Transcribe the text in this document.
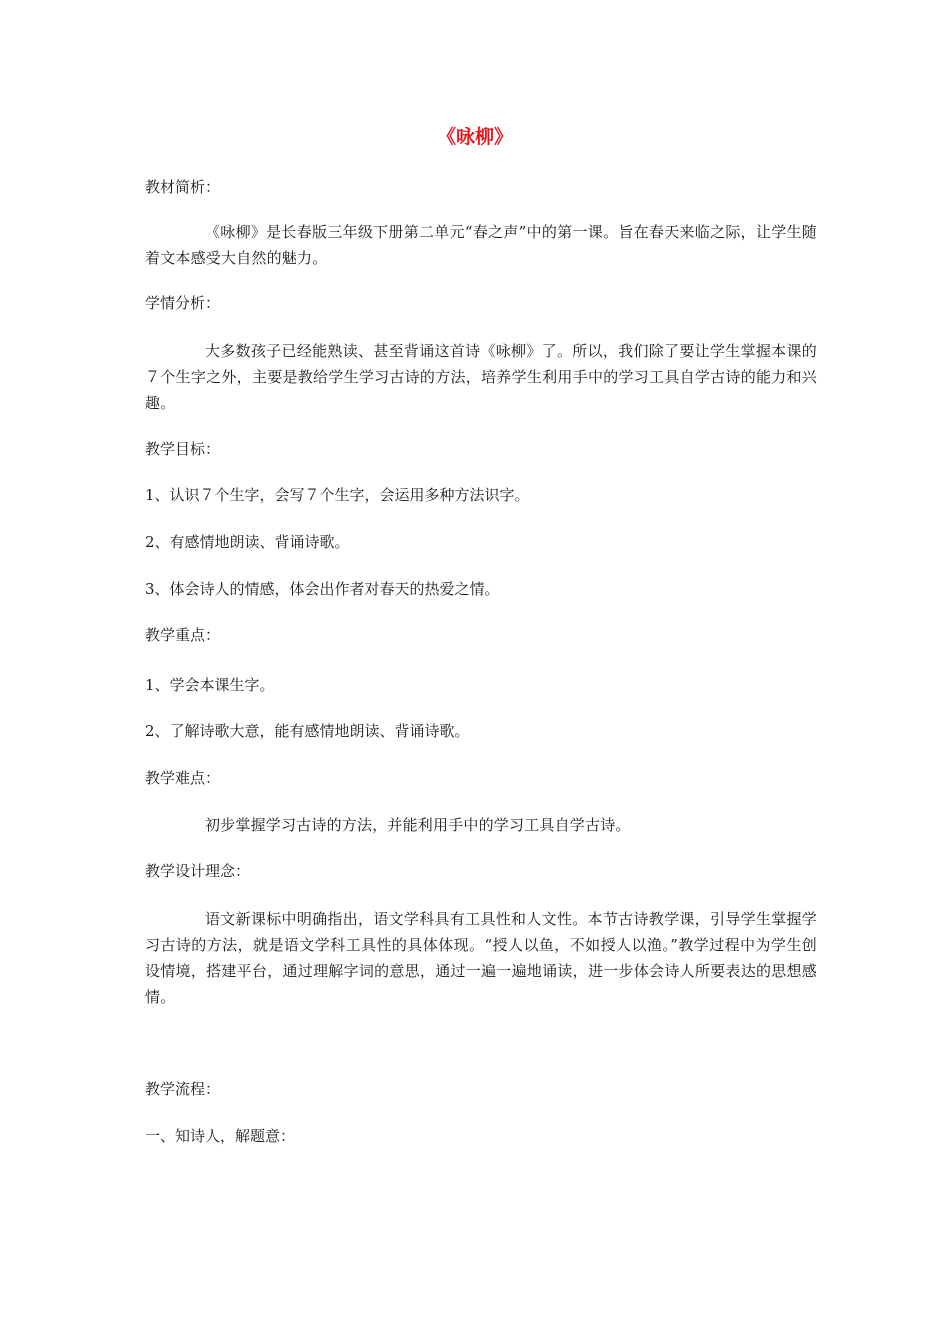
《咏柳》
教材简析：
《咏柳》是长春版三年级下册第二单元“春之声”中的第一课。旨在春天来临之际，让学生随着文本感受大自然的魅力。
学情分析：
大多数孩子已经能熟读、甚至背诵这首诗《咏柳》了。所以，我们除了要让学生掌握本课的７个生字之外，主要是教给学生学习古诗的方法，培养学生利用手中的学习工具自学古诗的能力和兴趣。
教学目标：
1、认识７个生字，会写７个生字，会运用多种方法识字。
2、有感情地朗读、背诵诗歌。
3、体会诗人的情感，体会出作者对春天的热爱之情。
教学重点：
1、学会本课生字。
2、了解诗歌大意，能有感情地朗读、背诵诗歌。
教学难点：
初步掌握学习古诗的方法，并能利用手中的学习工具自学古诗。
教学设计理念：
语文新课标中明确指出，语文学科具有工具性和人文性。本节古诗教学课，引导学生掌握学习古诗的方法，就是语文学科工具性的具体体现。“授人以鱼，不如授人以渔。”教学过程中为学生创设情境，搭建平台，通过理解字词的意思，通过一遍一遍地诵读，进一步体会诗人所要表达的思想感情。
教学流程：
一、知诗人，解题意：
